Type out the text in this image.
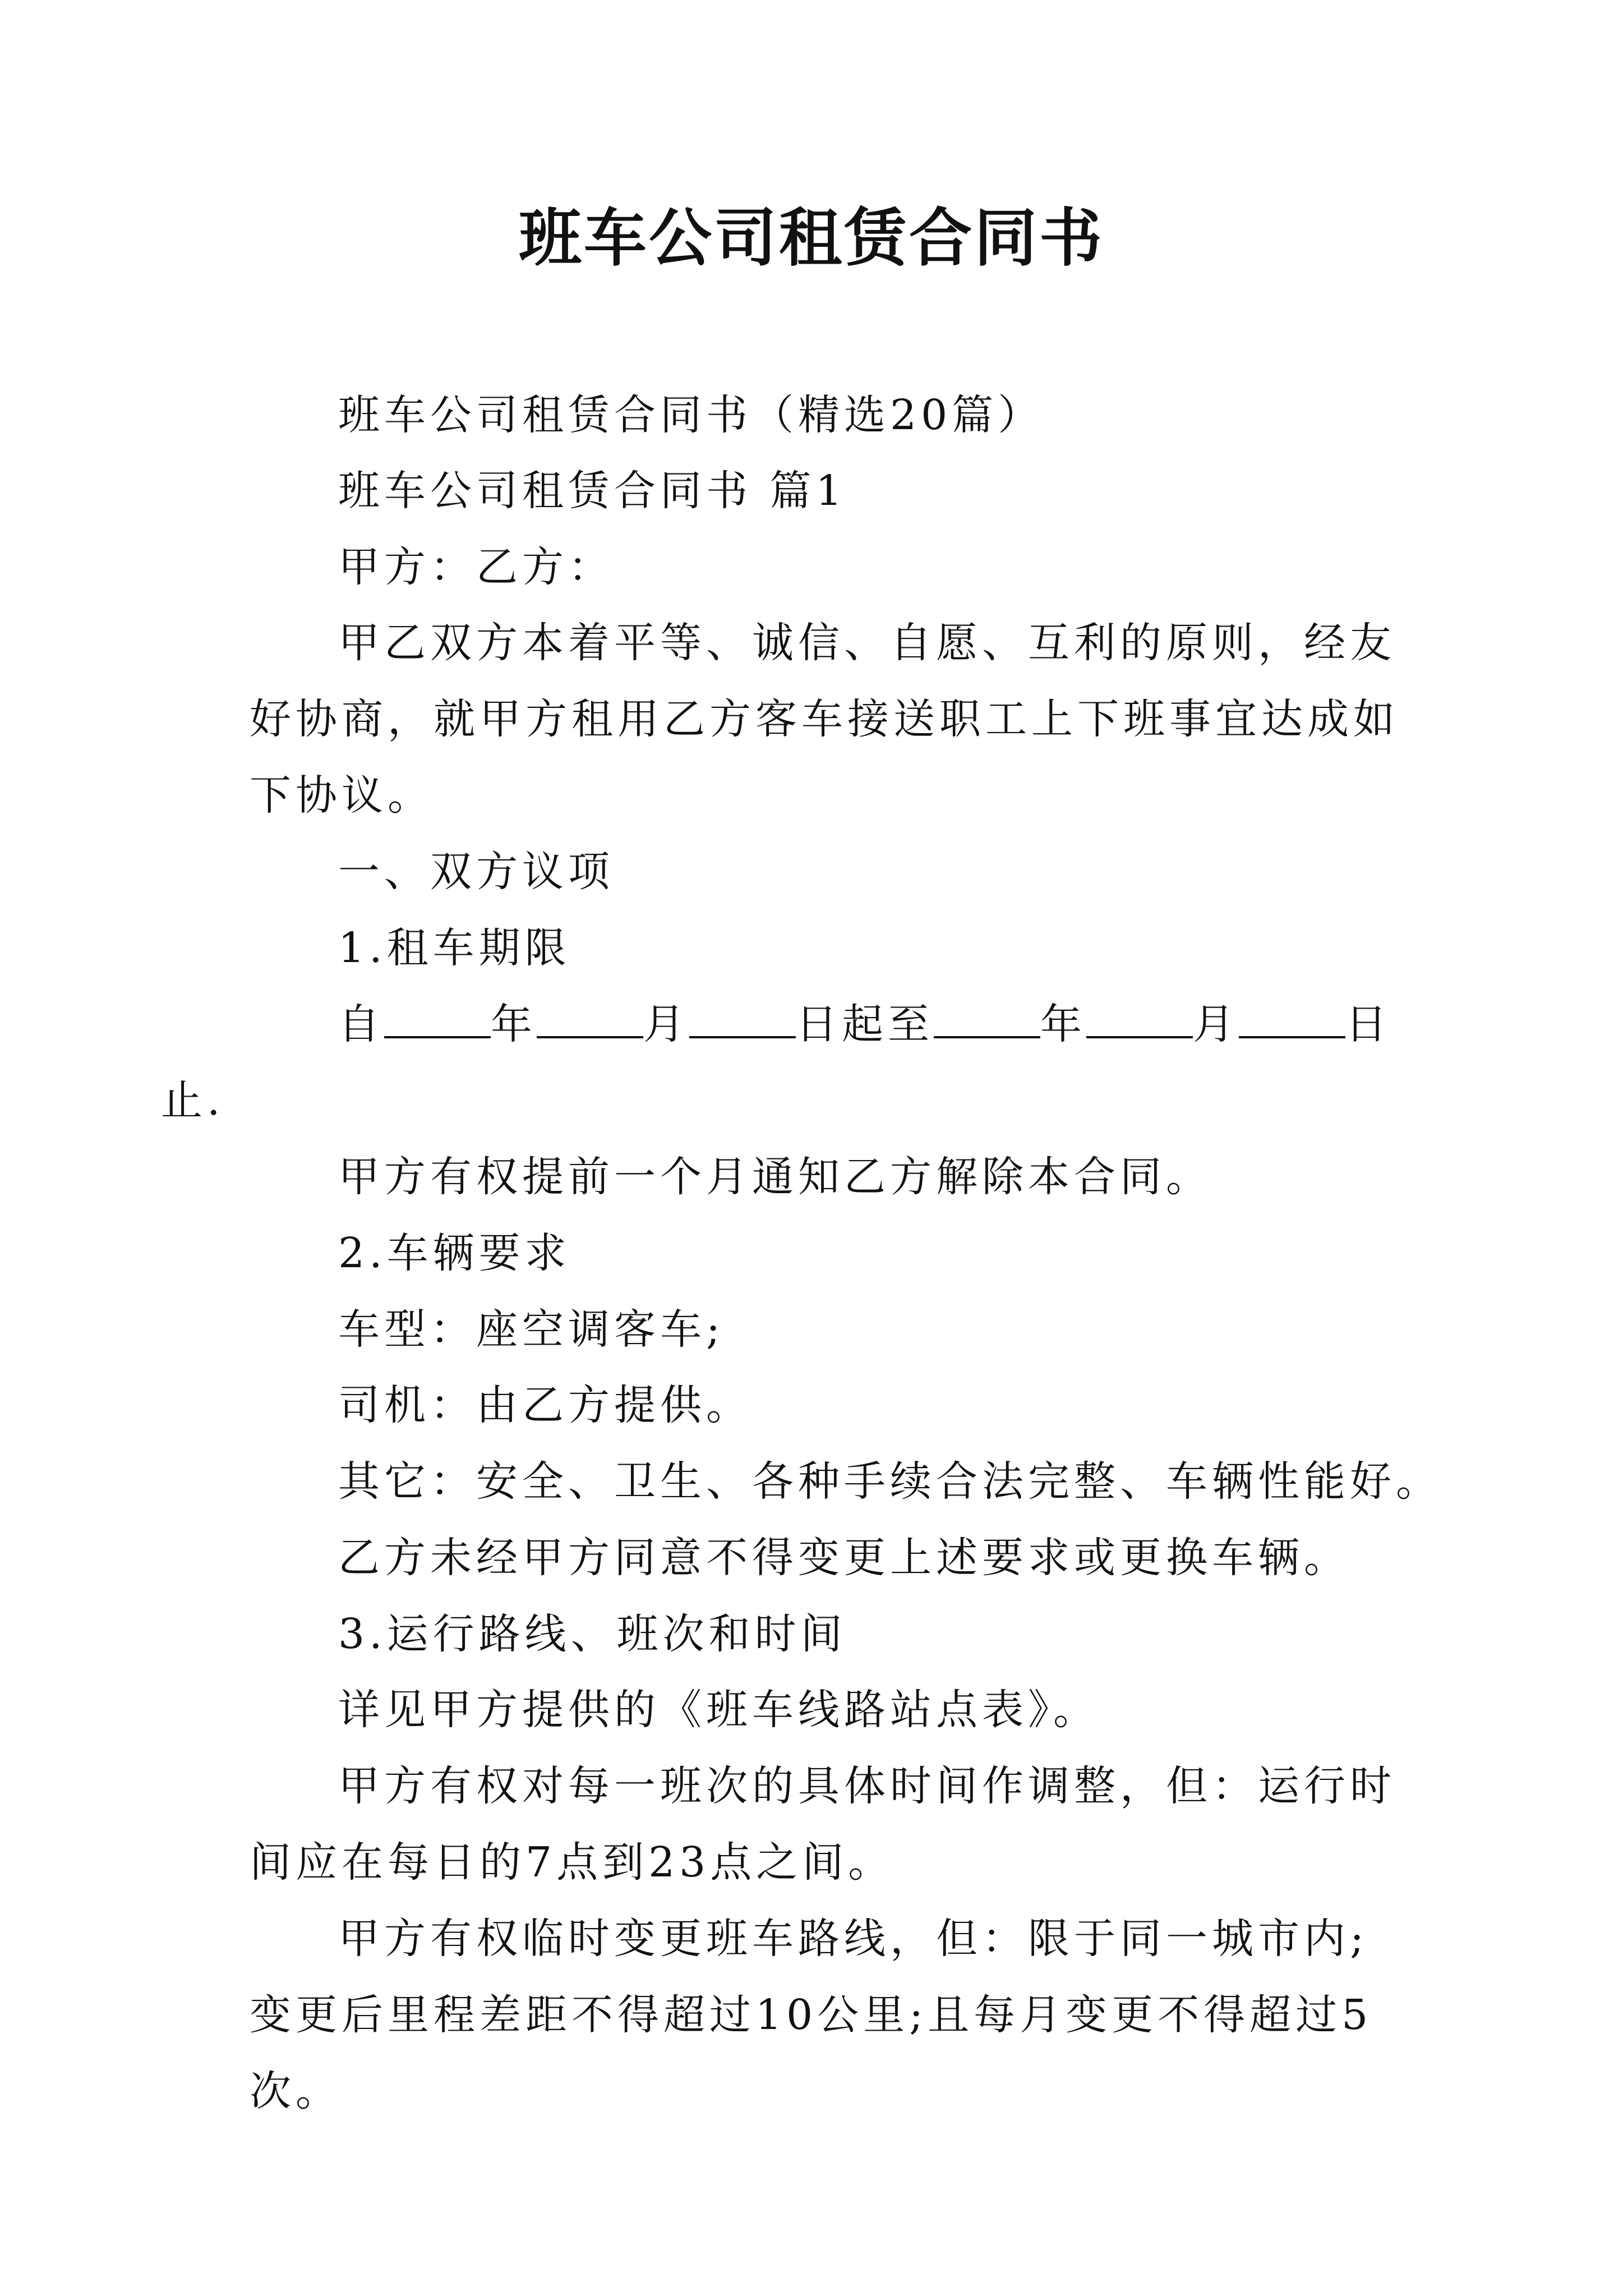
班车公司租赁合同书

班车公司租赁合同书（精选20篇）

班车公司租赁合同书 篇1

甲方：乙方：

甲乙双方本着平等、诚信、自愿、互利的原则，经友好协商，就甲方租用乙方客车接送职工上下班事宜达成如下协议。

一、双方议项

1.租车期限

自	年	月	日起至	年	月	日
止.

甲方有权提前一个月通知乙方解除本合同。

2.车辆要求

车型：座空调客车;

司机：由乙方提供。

其它：安全、卫生、各种手续合法完整、车辆性能好。

乙方未经甲方同意不得变更上述要求或更换车辆。

3.运行路线、班次和时间

详见甲方提供的《班车线路站点表》。

甲方有权对每一班次的具体时间作调整，但：运行时间应在每日的7点到23点之间。

甲方有权临时变更班车路线，但：限于同一城市内;变更后里程差距不得超过10公里;且每月变更不得超过5次。
